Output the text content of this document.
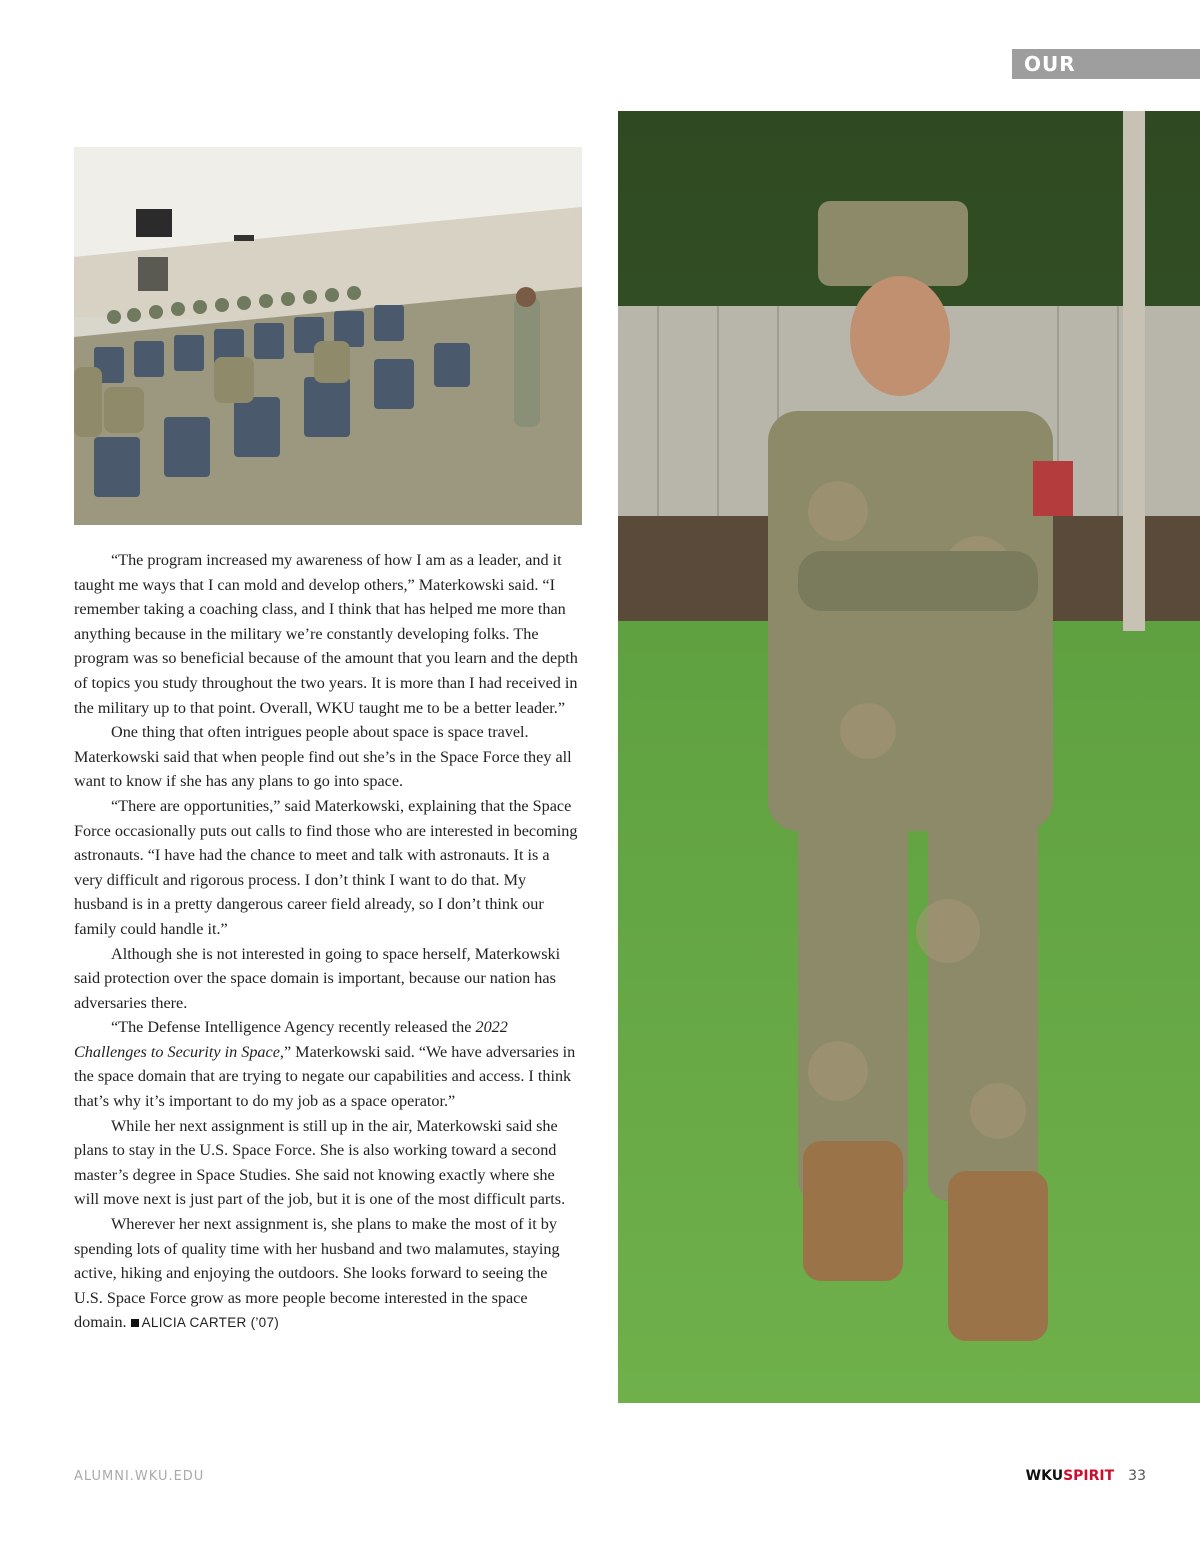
OUR STUDENTS

“The program increased my awareness of how I am as a leader, and it taught me ways that I can mold and develop others,” Materkowski said. “I remember taking a coaching class, and I think that has helped me more than anything because in the military we’re constantly developing folks. The program was so beneficial because of the amount that you learn and the depth of topics you study throughout the two years. It is more than I had received in the military up to that point. Overall, WKU taught me to be a better leader.”

One thing that often intrigues people about space is space travel. Materkowski said that when people find out she’s in the Space Force they all want to know if she has any plans to go into space.

“There are opportunities,” said Materkowski, explaining that the Space Force occasionally puts out calls to find those who are interested in becoming astronauts. “I have had the chance to meet and talk with astronauts. It is a very difficult and rigorous process. I don’t think I want to do that. My husband is in a pretty dangerous career field already, so I don’t think our family could handle it.”

Although she is not interested in going to space herself, Materkowski said protection over the space domain is important, because our nation has adversaries there.

“The Defense Intelligence Agency recently released the 2022 Challenges to Security in Space,” Materkowski said. “We have adversaries in the space domain that are trying to negate our capabilities and access. I think that’s why it’s important to do my job as a space operator.”

While her next assignment is still up in the air, Materkowski said she plans to stay in the U.S. Space Force. She is also working toward a second master’s degree in Space Studies. She said not knowing exactly where she will move next is just part of the job, but it is one of the most difficult parts.

Wherever her next assignment is, she plans to make the most of it by spending lots of quality time with her husband and two malamutes, staying active, hiking and enjoying the outdoors. She looks forward to seeing the U.S. Space Force grow as more people become interested in the space domain. ALICIA CARTER (’07)

ALUMNI.WKU.EDU	WKUSPIRIT 33
